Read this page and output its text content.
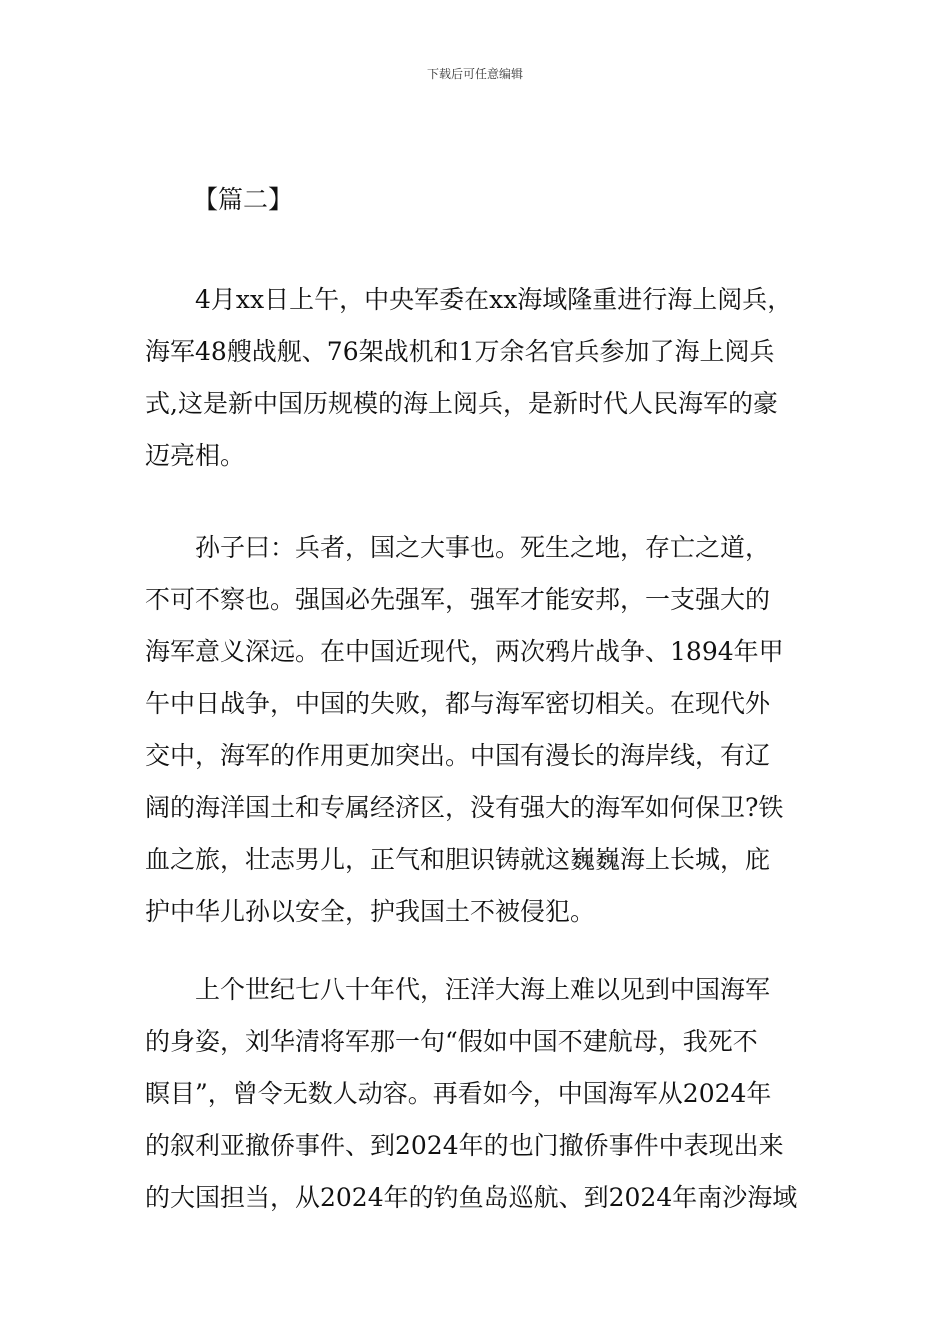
下载后可任意编辑
【篇二】
4月xx日上午，中央军委在xx海域隆重进行海上阅兵，
海军48艘战舰、76架战机和1万余名官兵参加了海上阅兵
式,这是新中国历规模的海上阅兵，是新时代人民海军的豪
迈亮相。
孙子曰：兵者，国之大事也。死生之地，存亡之道，
不可不察也。强国必先强军，强军才能安邦，一支强大的
海军意义深远。在中国近现代，两次鸦片战争、1894年甲
午中日战争，中国的失败，都与海军密切相关。在现代外
交中，海军的作用更加突出。中国有漫长的海岸线，有辽
阔的海洋国土和专属经济区，没有强大的海军如何保卫?铁
血之旅，壮志男儿，正气和胆识铸就这巍巍海上长城，庇
护中华儿孙以安全，护我国土不被侵犯。
上个世纪七八十年代，汪洋大海上难以见到中国海军
的身姿，刘华清将军那一句“假如中国不建航母，我死不
瞑目”，曾令无数人动容。再看如今，中国海军从2024年
的叙利亚撤侨事件、到2024年的也门撤侨事件中表现出来
的大国担当，从2024年的钓鱼岛巡航、到2024年南沙海域
